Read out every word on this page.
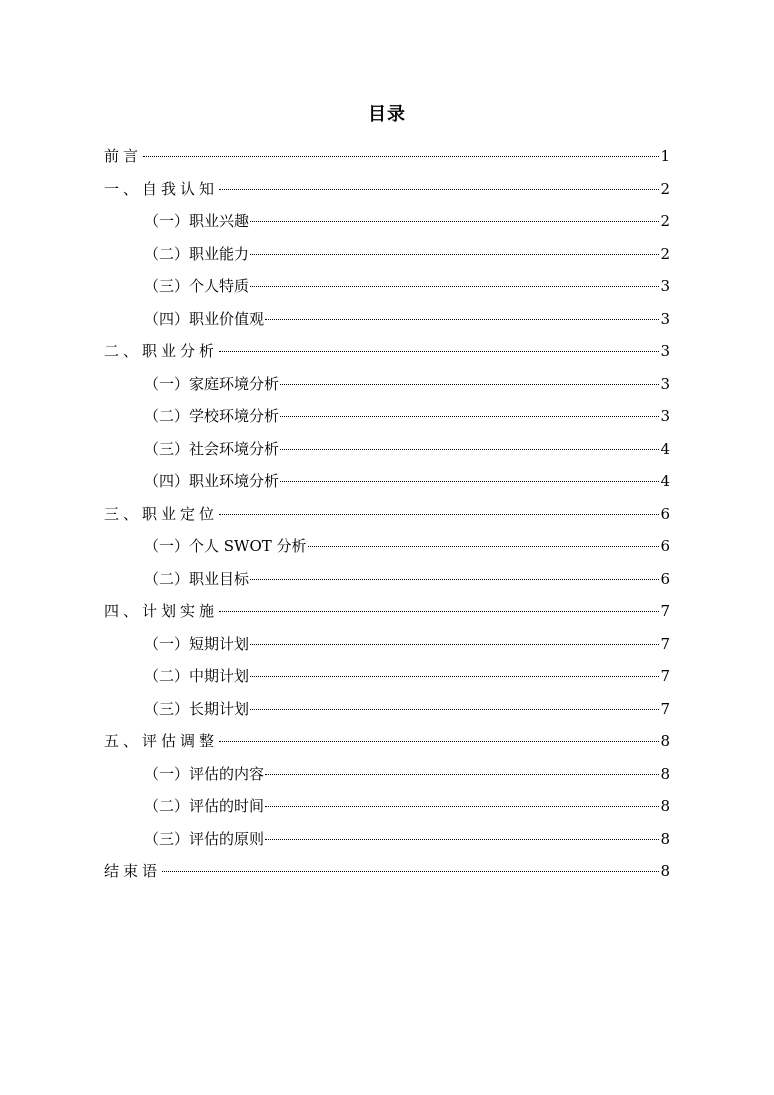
目录
前言	1
一、自我认知	2
（一）职业兴趣	2
（二）职业能力	2
（三）个人特质	3
（四）职业价值观	3
二、职业分析	3
（一）家庭环境分析	3
（二）学校环境分析	3
（三）社会环境分析	4
（四）职业环境分析	4
三、职业定位	6
（一）个人 SWOT 分析	6
（二）职业目标	6
四、计划实施	7
（一）短期计划	7
（二）中期计划	7
（三）长期计划	7
五、评估调整	8
（一）评估的内容	8
（二）评估的时间	8
（三）评估的原则	8
结束语	8
